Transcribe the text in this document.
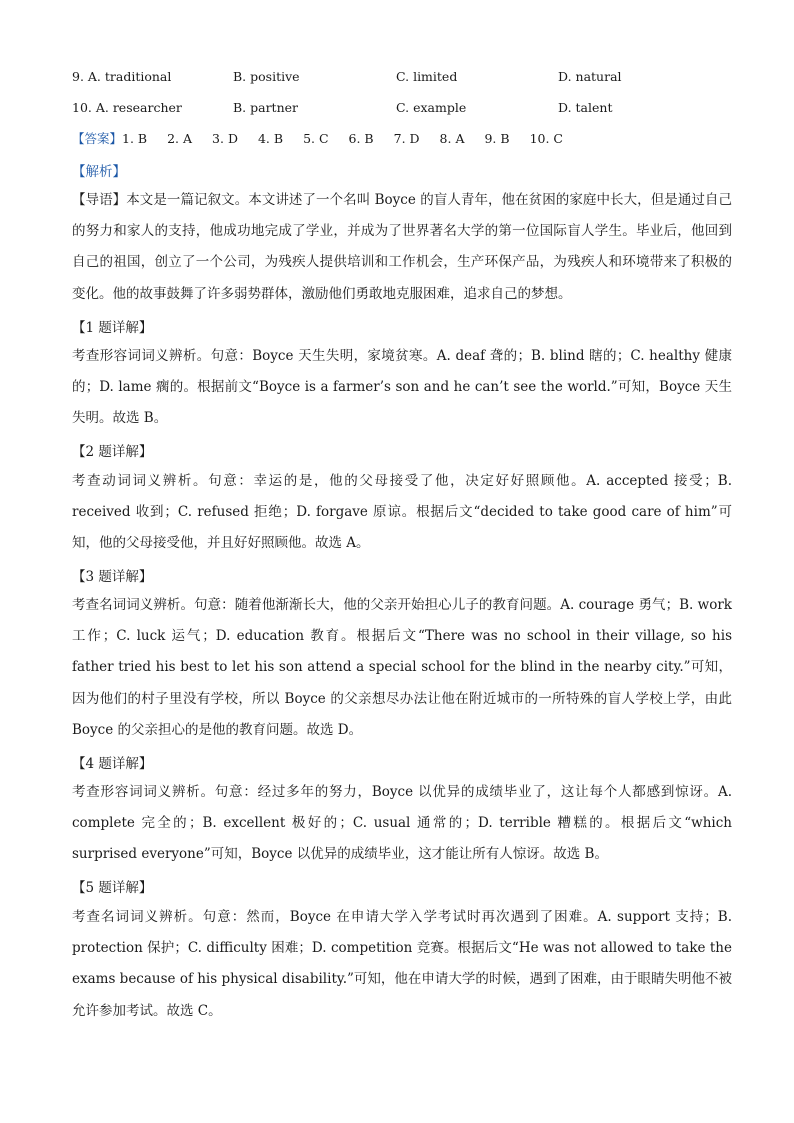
9. A. traditional	B. positive	C. limited	D. natural
10. A. researcher	B. partner	C. example	D. talent
【答案】1. B 2. A 3. D 4. B 5. C 6. B 7. D 8. A 9. B 10. C
【解析】

【导语】本文是一篇记叙文。本文讲述了一个名叫 Boyce 的盲人青年，他在贫困的家庭中长大，但是通过自己的努力和家人的支持，他成功地完成了学业，并成为了世界著名大学的第一位国际盲人学生。毕业后，他回到自己的祖国，创立了一个公司，为残疾人提供培训和工作机会，生产环保产品，为残疾人和环境带来了积极的变化。他的故事鼓舞了许多弱势群体，激励他们勇敢地克服困难，追求自己的梦想。

【1 题详解】

考查形容词词义辨析。句意：Boyce 天生失明，家境贫寒。A. deaf 聋的；B. blind 瞎的；C. healthy 健康的；D. lame 瘸的。根据前文“Boyce is a farmer’s son and he can’t see the world.”可知，Boyce 天生失明。故选 B。

【2 题详解】

考查动词词义辨析。句意：幸运的是，他的父母接受了他，决定好好照顾他。A. accepted 接受；B. received 收到；C. refused 拒绝；D. forgave 原谅。根据后文“decided to take good care of him”可知，他的父母接受他，并且好好照顾他。故选 A。

【3 题详解】

考查名词词义辨析。句意：随着他渐渐长大，他的父亲开始担心儿子的教育问题。A. courage 勇气；B. work 工作；C. luck 运气；D. education 教育。根据后文“There was no school in their village, so his father tried his best to let his son attend a special school for the blind in the nearby city.”可知，因为他们的村子里没有学校，所以 Boyce 的父亲想尽办法让他在附近城市的一所特殊的盲人学校上学，由此 Boyce 的父亲担心的是他的教育问题。故选 D。

【4 题详解】

考查形容词词义辨析。句意：经过多年的努力，Boyce 以优异的成绩毕业了，这让每个人都感到惊讶。A. complete 完全的；B. excellent 极好的；C. usual 通常的；D. terrible 糟糕的。根据后文“which surprised everyone”可知，Boyce 以优异的成绩毕业，这才能让所有人惊讶。故选 B。

【5 题详解】

考查名词词义辨析。句意：然而，Boyce 在申请大学入学考试时再次遇到了困难。A. support 支持；B. protection 保护；C. difficulty 困难；D. competition 竞赛。根据后文“He was not allowed to take the exams because of his physical disability.”可知，他在申请大学的时候，遇到了困难，由于眼睛失明他不被允许参加考试。故选 C。
